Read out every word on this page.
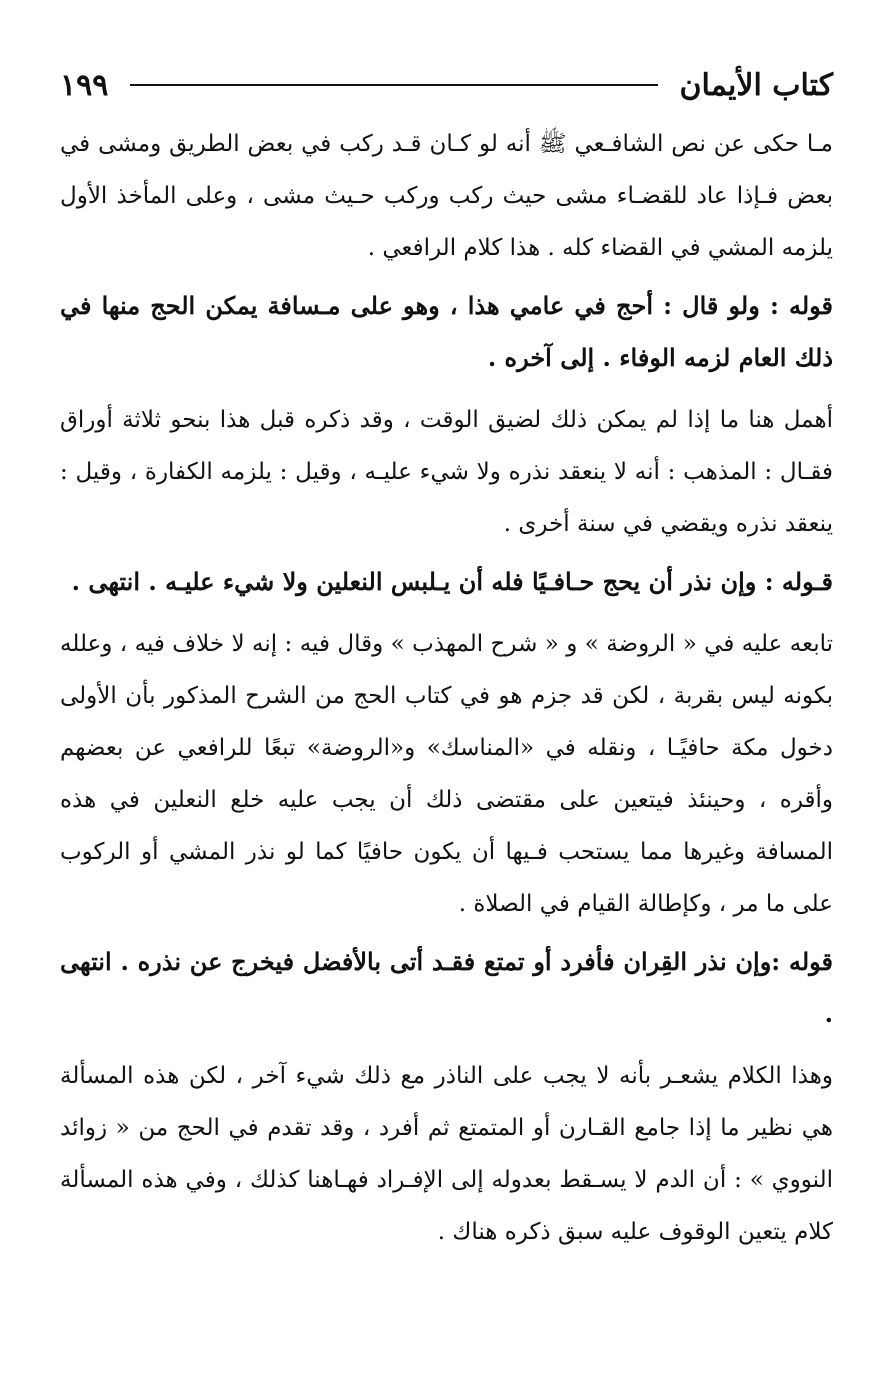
كتاب الأيمان
١٩٩

مـا حكى عن نص الشافـعي ﷺ أنه لو كـان قـد ركب في بعض الطريق ومشى في بعض فـإذا عاد للقضـاء مشى حيث ركب وركب حـيث مشى ، وعلى المأخذ الأول يلزمه المشي في القضاء كله . هذا كلام الرافعي .

قوله : ولو قال : أحج في عامي هذا ، وهو على مـسافة يمكن الحج منها في ذلك العام لزمه الوفاء . إلى آخره .

أهمل هنا ما إذا لم يمكن ذلك لضيق الوقت ، وقد ذكره قبل هذا بنحو ثلاثة أوراق فقـال : المذهب : أنه لا ينعقد نذره ولا شيء عليـه ، وقيل : يلزمه الكفارة ، وقيل : ينعقد نذره ويقضي في سنة أخرى .

قـوله : وإن نذر أن يحج حـافـيًا فله أن يـلبس النعلين ولا شيء عليـه . انتهى .

تابعه عليه في « الروضة » و « شرح المهذب » وقال فيه : إنه لا خلاف فيه ، وعلله بكونه ليس بقربة ، لكن قد جزم هو في كتاب الحج من الشرح المذكور بأن الأولى دخول مكة حافيًـا ، ونقله في «المناسك» و«الروضة» تبعًا للرافعي عن بعضهم وأقره ، وحينئذ فيتعين على مقتضى ذلك أن يجب عليه خلع النعلين في هذه المسافة وغيرها مما يستحب فـيها أن يكون حافيًا كما لو نذر المشي أو الركوب على ما مر ، وكإطالة القيام في الصلاة .

قوله :وإن نذر القِران فأفرد أو تمتع فقـد أتى بالأفضل فيخرج عن نذره . انتهى .

وهذا الكلام يشعـر بأنه لا يجب على الناذر مع ذلك شيء آخر ، لكن هذه المسألة هي نظير ما إذا جامع القـارن أو المتمتع ثم أفرد ، وقد تقدم في الحج من « زوائد النووي » : أن الدم لا يسـقط بعدوله إلى الإفـراد فهـاهنا كذلك ، وفي هذه المسألة كلام يتعين الوقوف عليه سبق ذكره هناك .
